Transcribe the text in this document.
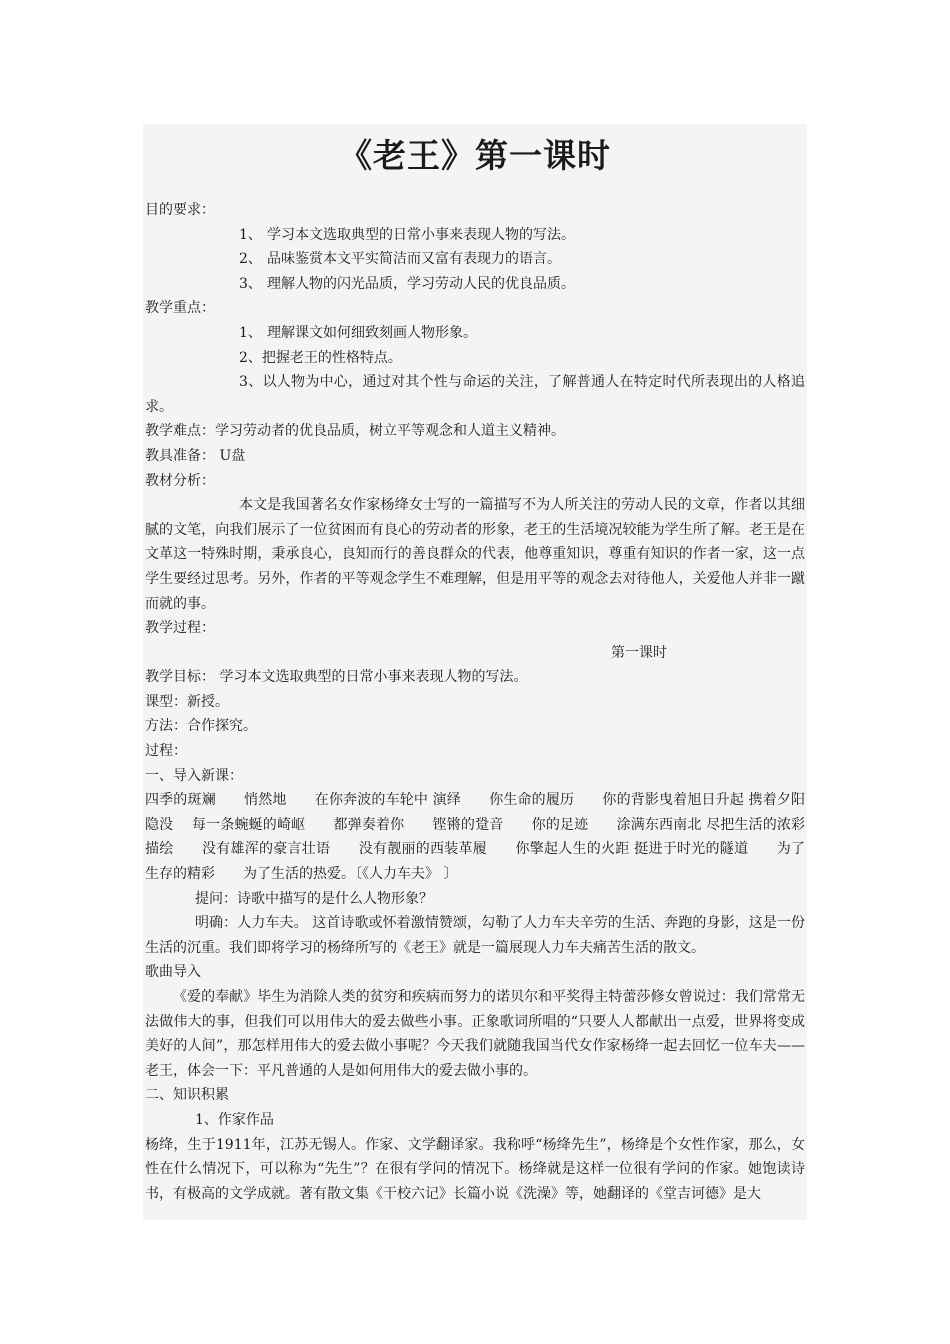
《老王》第一课时

目的要求：

1、 学习本文选取典型的日常小事来表现人物的写法。

2、 品味鉴赏本文平实简洁而又富有表现力的语言。

3、 理解人物的闪光品质，学习劳动人民的优良品质。

教学重点：

1、 理解课文如何细致刻画人物形象。

2、把握老王的性格特点。

3、以人物为中心，通过对其个性与命运的关注，了解普通人在特定时代所表现出的人格追求。

教学难点：学习劳动者的优良品质，树立平等观念和人道主义精神。

教具准备： U盘

教材分析：

本文是我国著名女作家杨绛女士写的一篇描写不为人所关注的劳动人民的文章，作者以其细腻的文笔，向我们展示了一位贫困而有良心的劳动者的形象，老王的生活境况较能为学生所了解。老王是在文革这一特殊时期，秉承良心，良知而行的善良群众的代表，他尊重知识，尊重有知识的作者一家，这一点学生要经过思考。另外，作者的平等观念学生不难理解，但是用平等的观念去对待他人，关爱他人并非一蹴而就的事。

教学过程：

第一课时

教学目标： 学习本文选取典型的日常小事来表现人物的写法。

课型：新授。

方法：合作探究。

过程：

一、导入新课：

四季的斑斓　　悄然地　　在你奔波的车轮中 演绎　　你生命的履历　　你的背影曳着旭日升起 携着夕阳隐没　 每一条蜿蜒的崎岖　　都弹奏着你　　铿锵的跫音　　你的足迹　　涂满东西南北 尽把生活的浓彩描绘　　没有雄浑的豪言壮语　　没有靓丽的西装革履　　你擎起人生的火距 挺进于时光的隧道　　为了生存的精彩　　为了生活的热爱。〔《人力车夫》 〕

提问：诗歌中描写的是什么人物形象？

明确：人力车夫。 这首诗歌或怀着激情赞颂，勾勒了人力车夫辛劳的生活、奔跑的身影，这是一份生活的沉重。我们即将学习的杨绛所写的《老王》就是一篇展现人力车夫痛苦生活的散文。

歌曲导入

《爱的奉献》毕生为消除人类的贫穷和疾病而努力的诺贝尔和平奖得主特蕾莎修女曾说过：我们常常无法做伟大的事，但我们可以用伟大的爱去做些小事。正象歌词所唱的“只要人人都献出一点爱，世界将变成美好的人间”，那怎样用伟大的爱去做小事呢？今天我们就随我国当代女作家杨绛一起去回忆一位车夫——老王，体会一下：平凡普通的人是如何用伟大的爱去做小事的。

二、知识积累

1、作家作品

杨绛，生于1911年，江苏无锡人。作家、文学翻译家。我称呼“杨绛先生”，杨绛是个女性作家，那么，女性在什么情况下，可以称为“先生”？在很有学问的情况下。杨绛就是这样一位很有学问的作家。她饱读诗书，有极高的文学成就。著有散文集《干校六记》长篇小说《洗澡》等，她翻译的《堂吉诃德》是大
